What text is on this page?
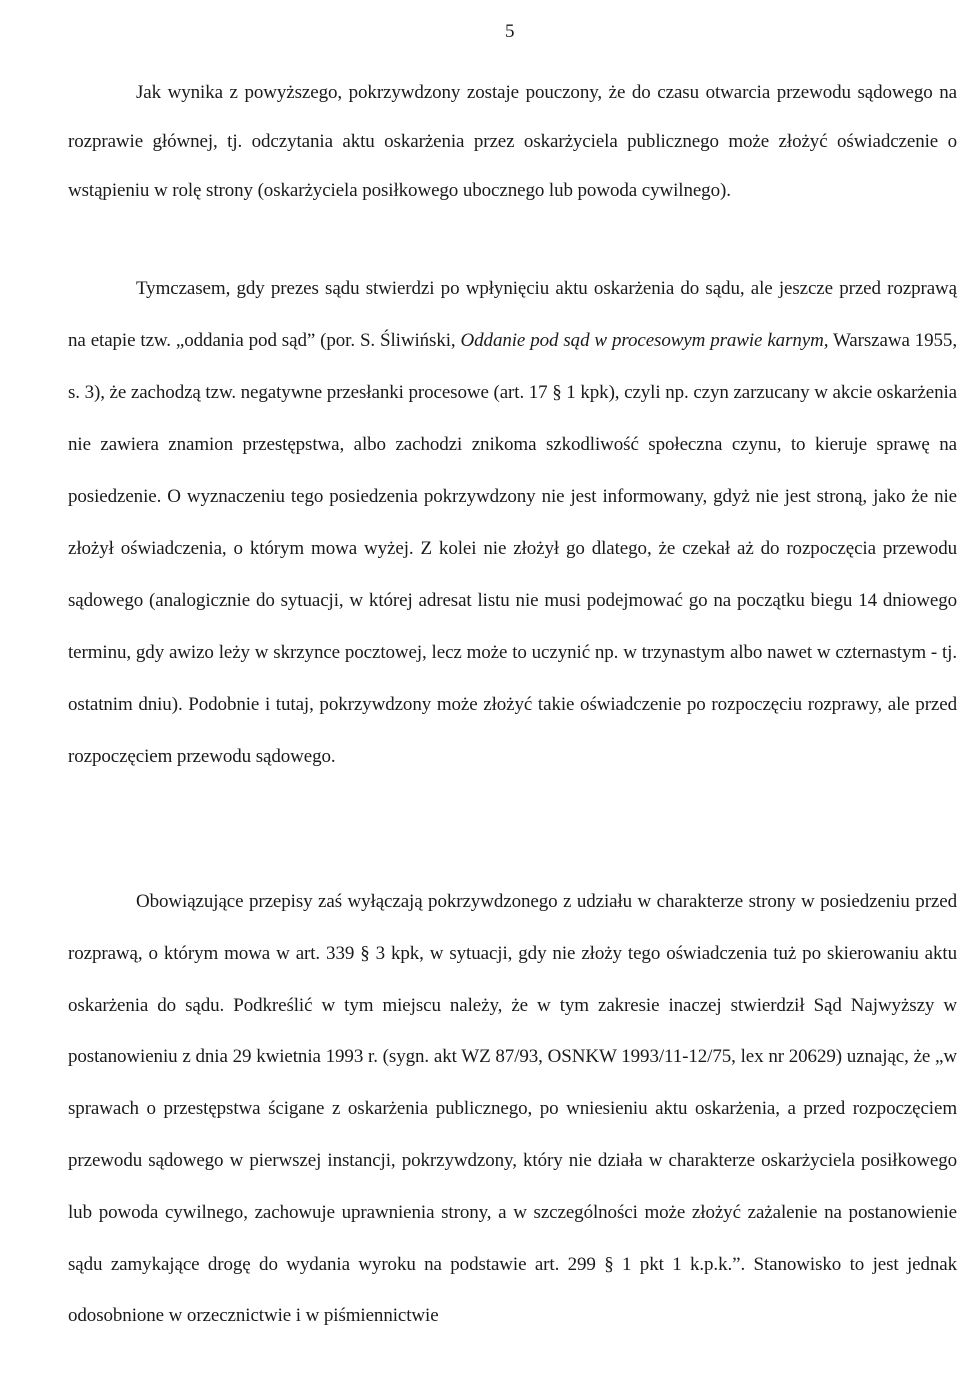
5

Jak wynika z powyższego, pokrzywdzony zostaje pouczony, że do czasu otwarcia przewodu sądowego na rozprawie głównej, tj. odczytania aktu oskarżenia przez oskarżyciela publicznego może złożyć oświadczenie o wstąpieniu w rolę strony (oskarżyciela posiłkowego ubocznego lub powoda cywilnego).

Tymczasem, gdy prezes sądu stwierdzi po wpłynięciu aktu oskarżenia do sądu, ale jeszcze przed rozprawą na etapie tzw. „oddania pod sąd” (por. S. Śliwiński, Oddanie pod sąd w procesowym prawie karnym, Warszawa 1955, s. 3), że zachodzą tzw. negatywne przesłanki procesowe (art. 17 § 1 kpk), czyli np. czyn zarzucany w akcie oskarżenia nie zawiera znamion przestępstwa, albo zachodzi znikoma szkodliwość społeczna czynu, to kieruje sprawę na posiedzenie. O wyznaczeniu tego posiedzenia pokrzywdzony nie jest informowany, gdyż nie jest stroną, jako że nie złożył oświadczenia, o którym mowa wyżej. Z kolei nie złożył go dlatego, że czekał aż do rozpoczęcia przewodu sądowego (analogicznie do sytuacji, w której adresat listu nie musi podejmować go na początku biegu 14 dniowego terminu, gdy awizo leży w skrzynce pocztowej, lecz może to uczynić np. w trzynastym albo nawet w czternastym - tj. ostatnim dniu). Podobnie i tutaj, pokrzywdzony może złożyć takie oświadczenie po rozpoczęciu rozprawy, ale przed rozpoczęciem przewodu sądowego.

Obowiązujące przepisy zaś wyłączają pokrzywdzonego z udziału w charakterze strony w posiedzeniu przed rozprawą, o którym mowa w art. 339 § 3 kpk, w sytuacji, gdy nie złoży tego oświadczenia tuż po skierowaniu aktu oskarżenia do sądu. Podkreślić w tym miejscu należy, że w tym zakresie inaczej stwierdził Sąd Najwyższy w postanowieniu z dnia 29 kwietnia 1993 r. (sygn. akt WZ 87/93, OSNKW 1993/11-12/75, lex nr 20629) uznając, że „w sprawach o przestępstwa ścigane z oskarżenia publicznego, po wniesieniu aktu oskarżenia, a przed rozpoczęciem przewodu sądowego w pierwszej instancji, pokrzywdzony, który nie działa w charakterze oskarżyciela posiłkowego lub powoda cywilnego, zachowuje uprawnienia strony, a w szczególności może złożyć zażalenie na postanowienie sądu zamykające drogę do wydania wyroku na podstawie art. 299 § 1 pkt 1 k.p.k.”. Stanowisko to jest jednak odosobnione w orzecznictwie i w piśmiennictwie
